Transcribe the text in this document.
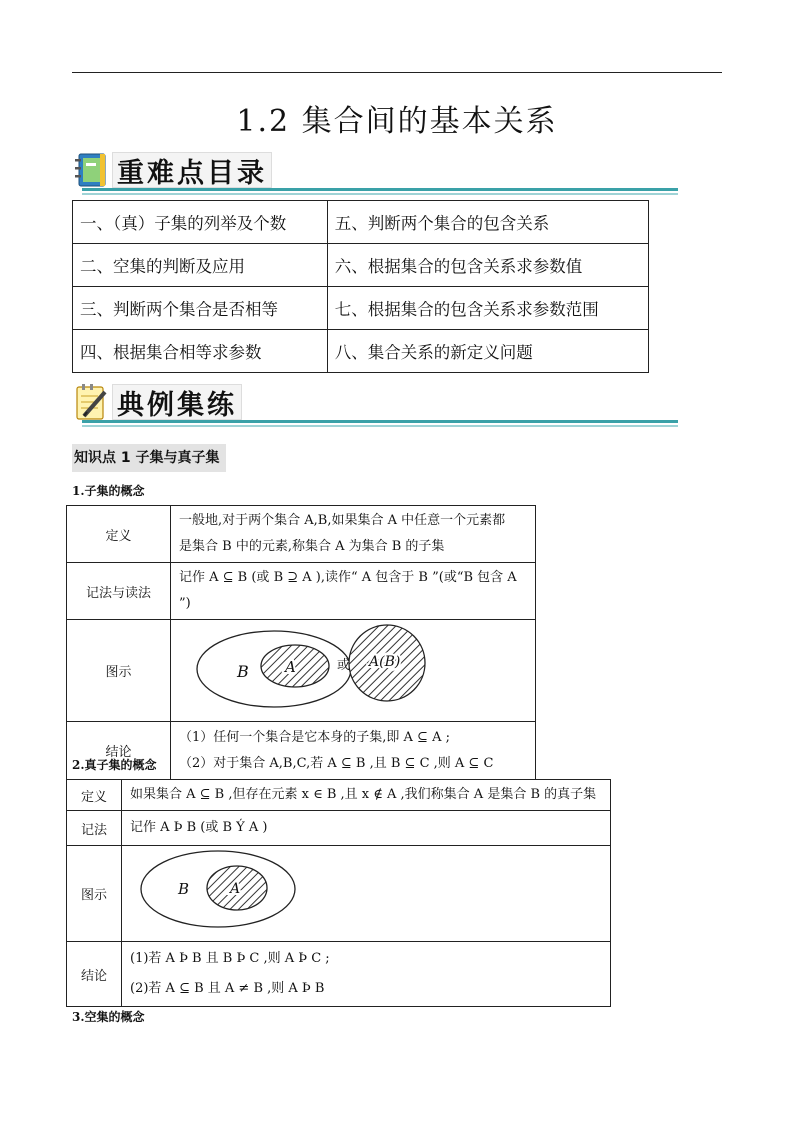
1.2 集合间的基本关系
重难点目录
一、（真）子集的列举及个数	五、判断两个集合的包含关系
二、空集的判断及应用	六、根据集合的包含关系求参数值
三、判断两个集合是否相等	七、根据集合的包含关系求参数范围
四、根据集合相等求参数	八、集合关系的新定义问题
典例集练
知识点 1 子集与真子集
1.子集的概念
定义	一般地,对于两个集合 A,B,如果集合 A 中任意一个元素都
是集合 B 中的元素,称集合 A 为集合 B 的子集

记法与读法	记作 A ⊆ B (或 B ⊇ A ),读作“ A 包含于 B ”(或“B 包含 A ”)
图示	B A 或 A(B)

结论	（1）任何一个集合是它本身的子集,即 A ⊆ A ;
（2）对于集合 A,B,C,若 A ⊆ B ,且 B ⊆ C ,则 A ⊆ C
2.真子集的概念
定义	如果集合 A ⊆ B ,但存在元素 x ∈ B ,且 x ∉ A ,我们称集合 A 是集合 B 的真子集
记法	记作 A Þ B (或 B Ý A )
图示	B A

结论	(1)若 A Þ B 且 B Þ C ,则 A Þ C ;
(2)若 A ⊆ B 且 A ≠ B ,则 A Þ B
3.空集的概念
